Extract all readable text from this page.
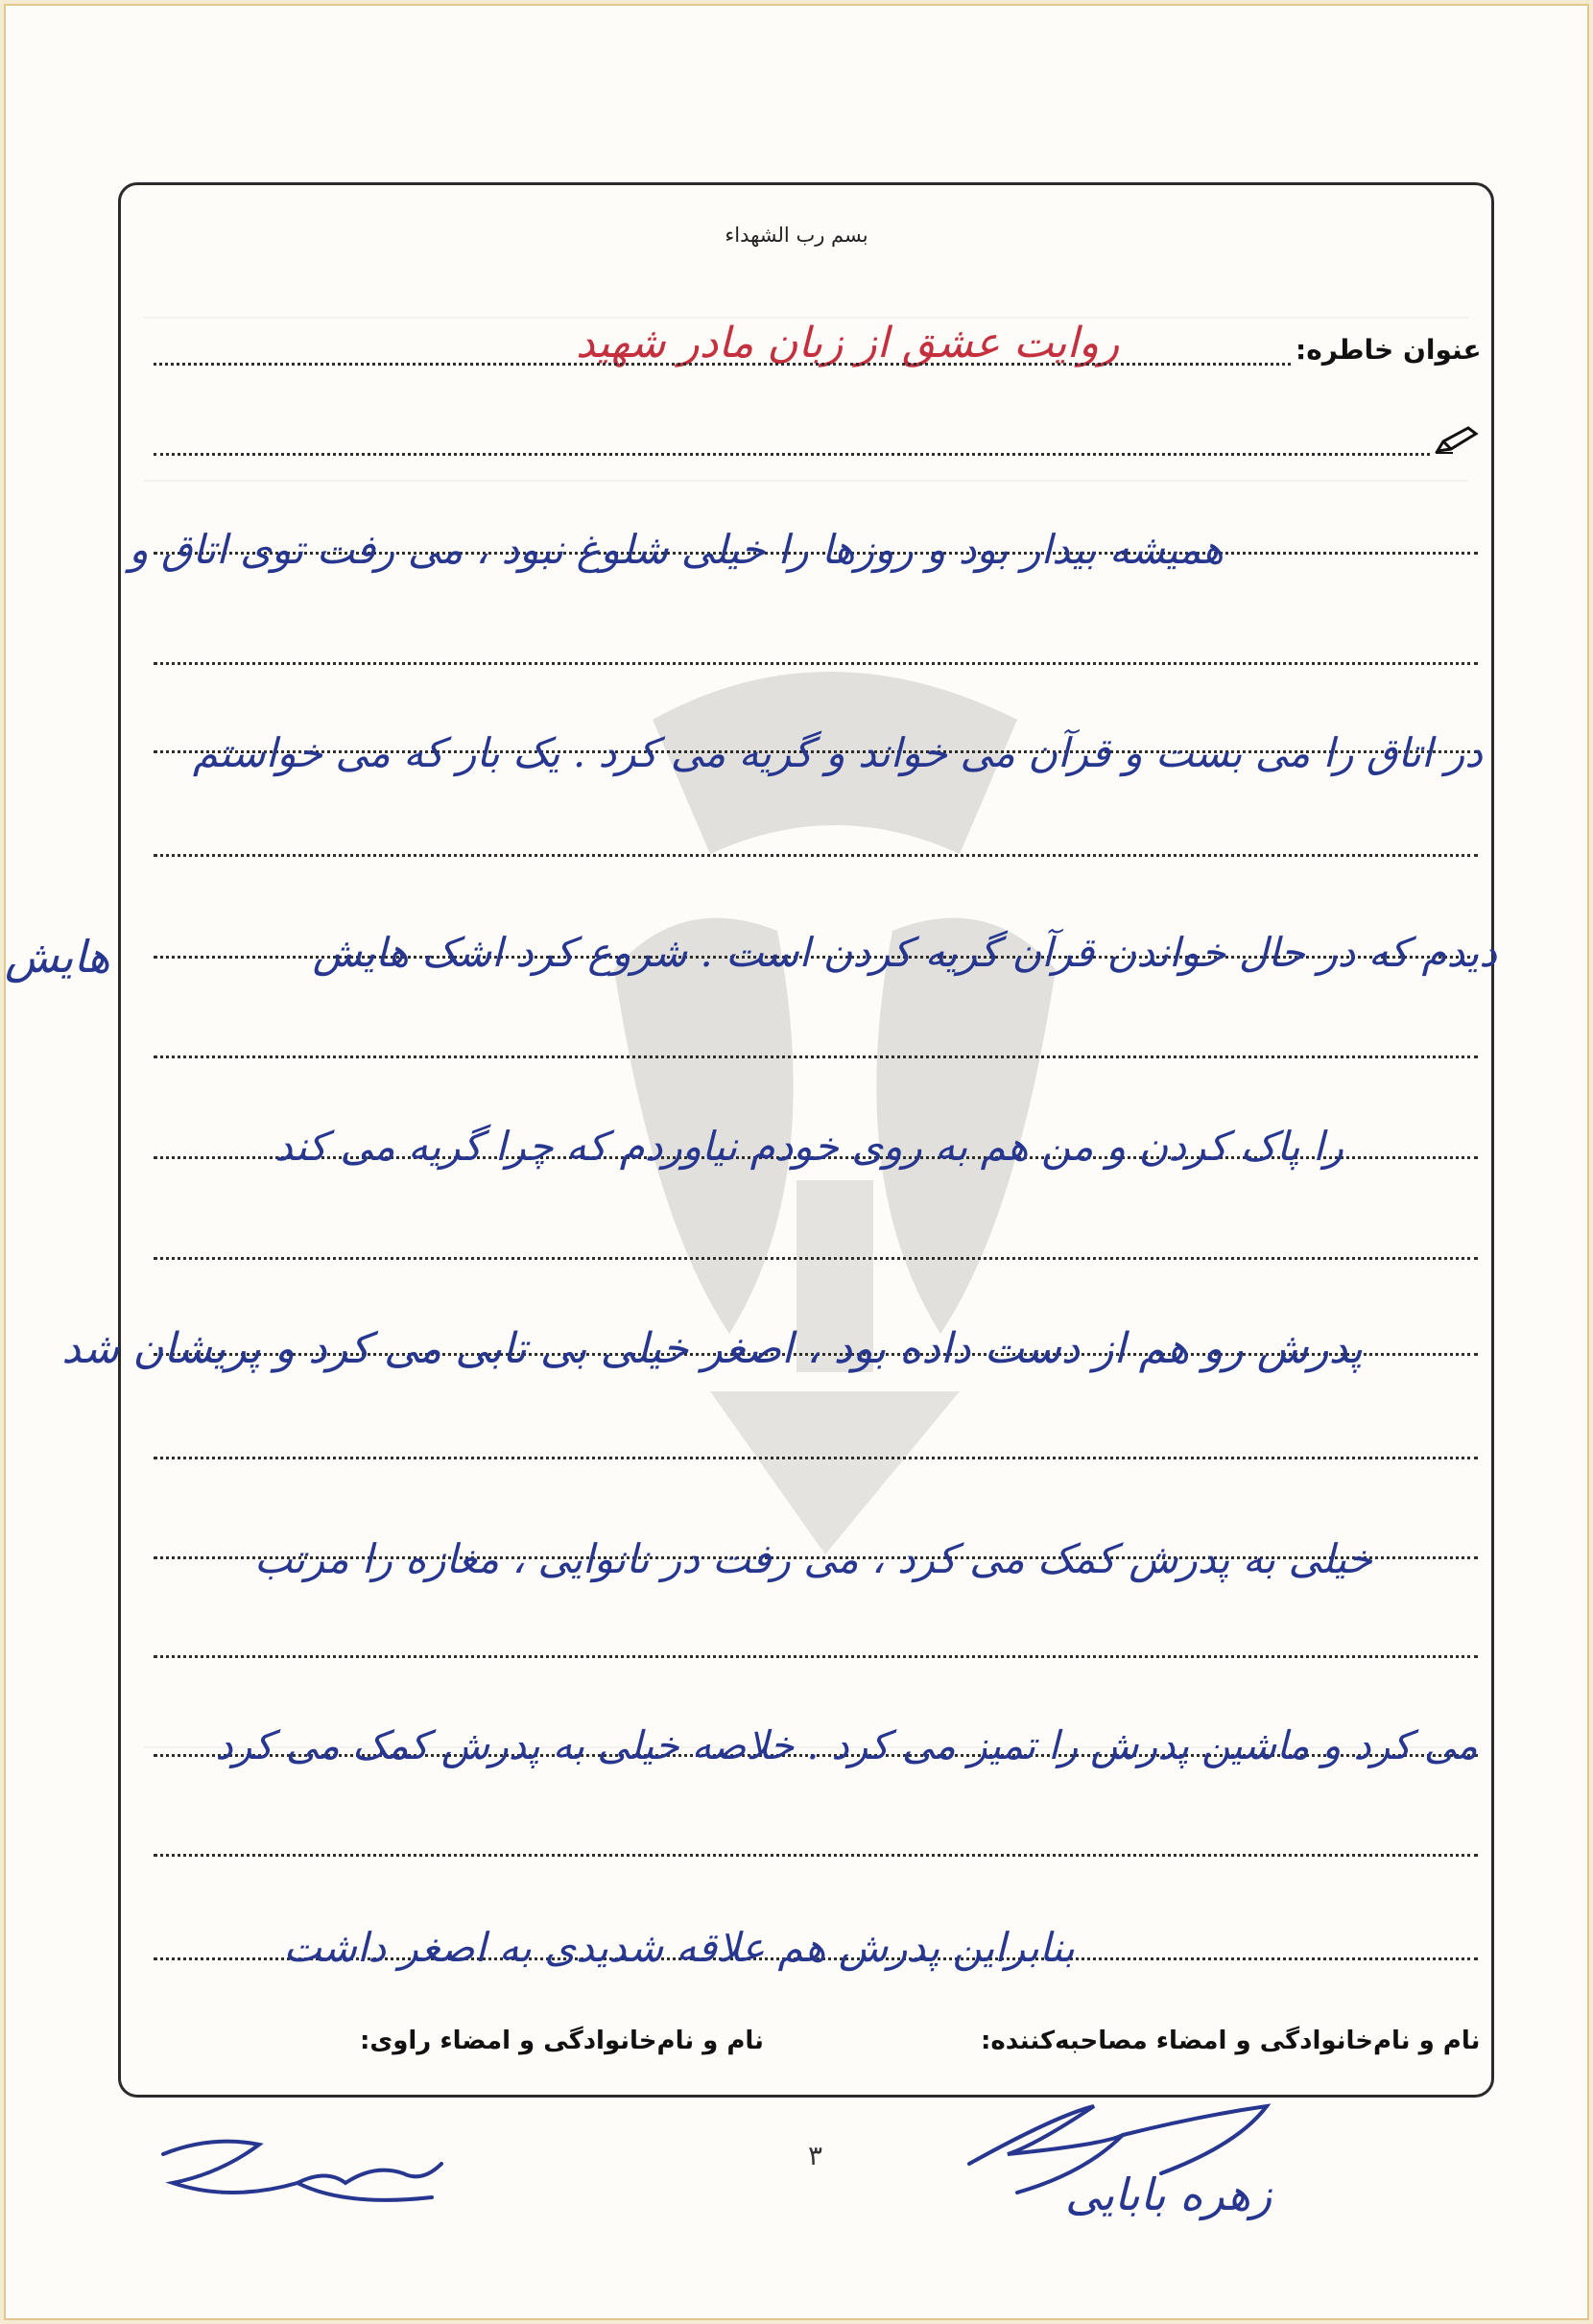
بسم رب الشهداء
عنوان خاطره:
روایت عشق از زبان مادر شهید
همیشه بیدار بود و روزها را خیلی شلوغ نبود ، می رفت توی اتاق و
در اتاق را می بست و قرآن می خواند و گریه می کرد . یک بار که می خواستم
دیدم که در حال خواندن قرآن گریه کردن است . شروع کرد اشک هایش
هایش
را پاک کردن و من هم به روی خودم نیاوردم که چرا گریه می کند
پدرش رو هم از دست داده بود ، اصغر خیلی بی تابی می کرد و پریشان شد
خیلی به پدرش کمک می کرد ، می رفت در نانوایی ، مغازه را مرتب
می کرد و ماشین پدرش را تمیز می کرد . خلاصه خیلی به پدرش کمک می کرد
بنابراین پدرش هم علاقه شدیدی به اصغر داشت
نام و نام‌خانوادگی و امضاء مصاحبه‌کننده:
نام و نام‌خانوادگی و امضاء راوی:
زهره بابایی
۳
